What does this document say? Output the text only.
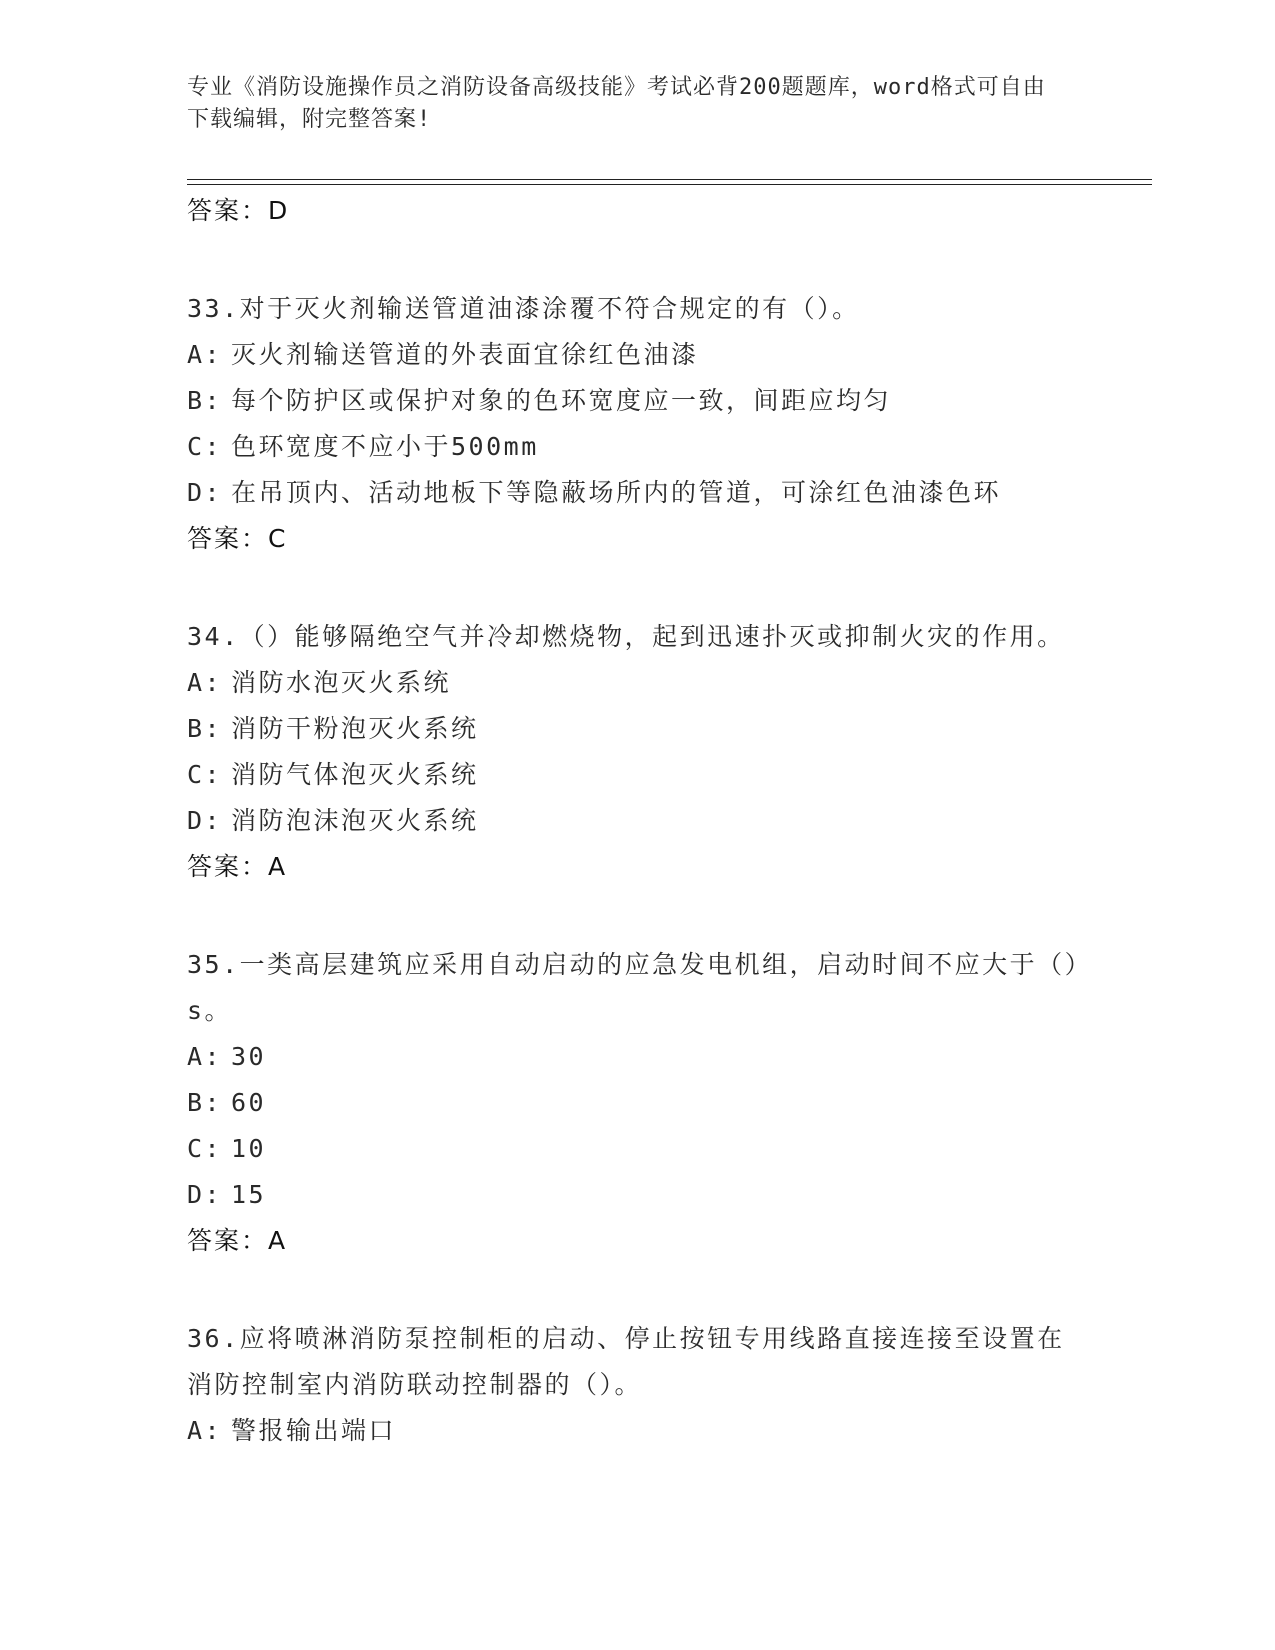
专业《消防设施操作员之消防设备高级技能》考试必背200题题库，word格式可自由下载编辑，附完整答案!
答案：D
33.对于灭火剂输送管道油漆涂覆不符合规定的有（）。
A: 灭火剂输送管道的外表面宜徐红色油漆
B: 每个防护区或保护对象的色环宽度应一致，间距应均匀
C: 色环宽度不应小于500mm
D: 在吊顶内、活动地板下等隐蔽场所内的管道，可涂红色油漆色环
答案：C
34.（）能够隔绝空气并冷却燃烧物，起到迅速扑灭或抑制火灾的作用。
A: 消防水泡灭火系统
B: 消防干粉泡灭火系统
C: 消防气体泡灭火系统
D: 消防泡沫泡灭火系统
答案：A
35.一类高层建筑应采用自动启动的应急发电机组，启动时间不应大于（）s。
A: 30
B: 60
C: 10
D: 15
答案：A
36.应将喷淋消防泵控制柜的启动、停止按钮专用线路直接连接至设置在消防控制室内消防联动控制器的（）。
A: 警报输出端口
